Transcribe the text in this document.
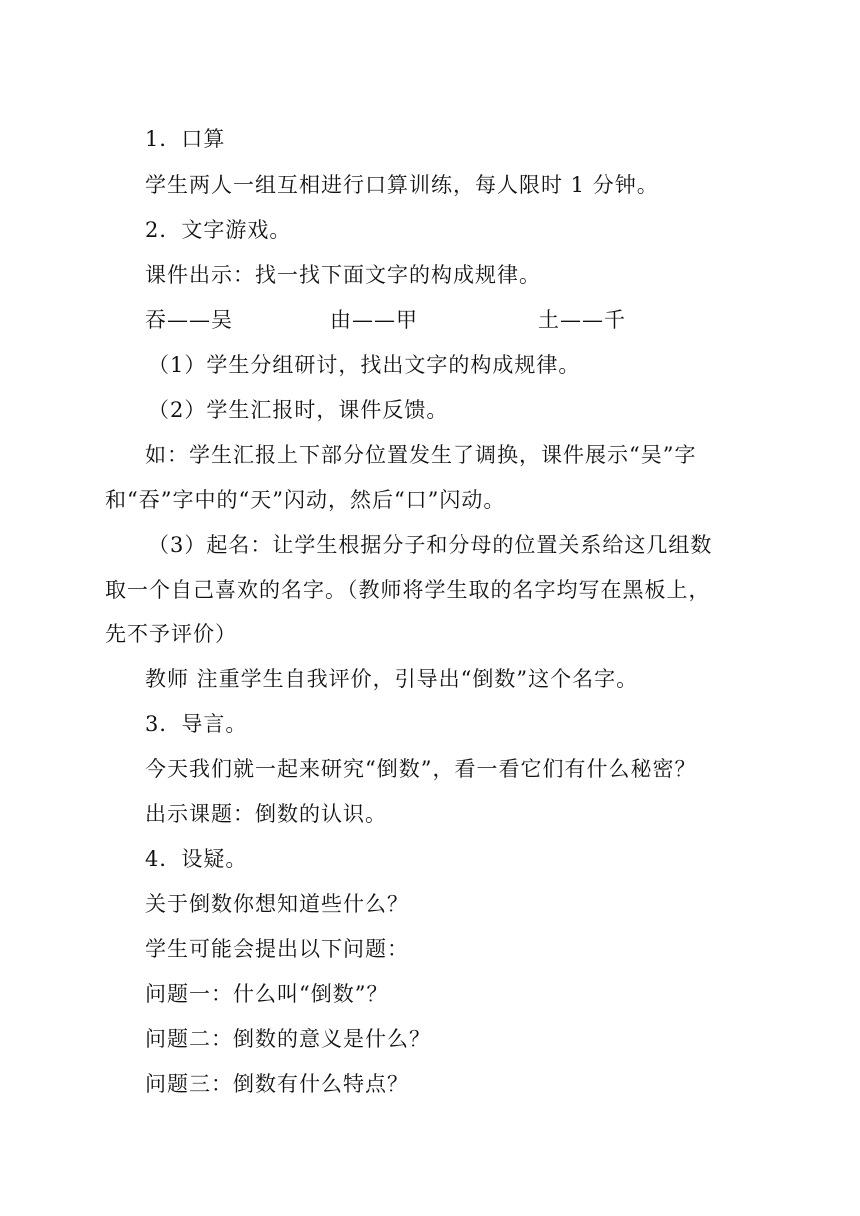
1．口算
学生两人一组互相进行口算训练，每人限时 1 分钟。
2．文字游戏。
课件出示：找一找下面文字的构成规律。
吞——吴	由——甲	土——千
（1）学生分组研讨，找出文字的构成规律。
（2）学生汇报时，课件反馈。
如：学生汇报上下部分位置发生了调换，课件展示“吴”字
和“吞”字中的“天”闪动，然后“口”闪动。
（3）起名：让学生根据分子和分母的位置关系给这几组数
取一个自己喜欢的名字。（教师将学生取的名字均写在黑板上，
先不予评价）
教师 注重学生自我评价，引导出“倒数”这个名字。
3．导言。
今天我们就一起来研究“倒数”，看一看它们有什么秘密？
出示课题：倒数的认识。
4．设疑。
关于倒数你想知道些什么？
学生可能会提出以下问题：
问题一：什么叫“倒数”？
问题二：倒数的意义是什么？
问题三：倒数有什么特点？
